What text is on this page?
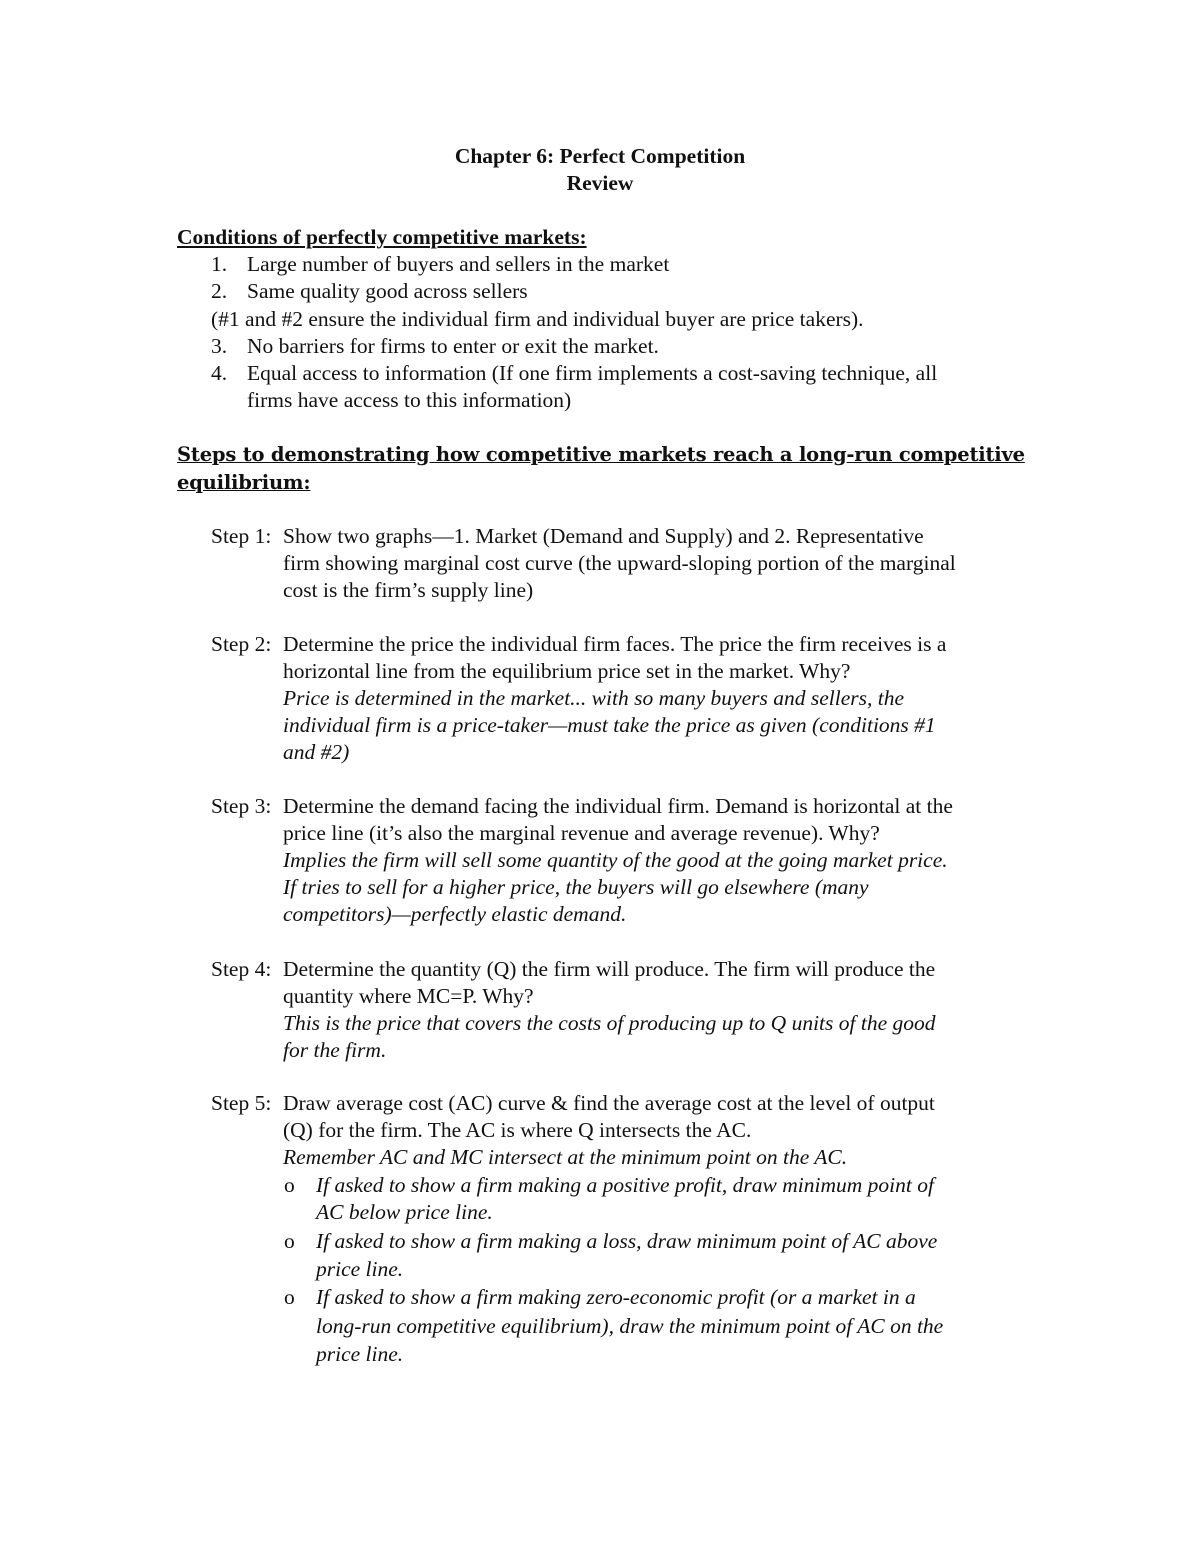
Chapter 6: Perfect Competition
Review
Conditions of perfectly competitive markets:
1. Large number of buyers and sellers in the market
2. Same quality good across sellers
(#1 and #2 ensure the individual firm and individual buyer are price takers).
3. No barriers for firms to enter or exit the market.
4. Equal access to information (If one firm implements a cost-saving technique, all
firms have access to this information)
Steps to demonstrating how competitive markets reach a long-run competitive
equilibrium:
Step 1: Show two graphs—1. Market (Demand and Supply) and 2. Representative
firm showing marginal cost curve (the upward-sloping portion of the marginal
cost is the firm’s supply line)
Step 2: Determine the price the individual firm faces. The price the firm receives is a
horizontal line from the equilibrium price set in the market. Why?
Price is determined in the market... with so many buyers and sellers, the
individual firm is a price-taker—must take the price as given (conditions #1
and #2)
Step 3: Determine the demand facing the individual firm. Demand is horizontal at the
price line (it’s also the marginal revenue and average revenue). Why?
Implies the firm will sell some quantity of the good at the going market price.
If tries to sell for a higher price, the buyers will go elsewhere (many
competitors)—perfectly elastic demand.
Step 4: Determine the quantity (Q) the firm will produce. The firm will produce the
quantity where MC=P. Why?
This is the price that covers the costs of producing up to Q units of the good
for the firm.
Step 5: Draw average cost (AC) curve & find the average cost at the level of output
(Q) for the firm. The AC is where Q intersects the AC.
Remember AC and MC intersect at the minimum point on the AC.
o If asked to show a firm making a positive profit, draw minimum point of
AC below price line.
o If asked to show a firm making a loss, draw minimum point of AC above
price line.
o If asked to show a firm making zero-economic profit (or a market in a
long-run competitive equilibrium), draw the minimum point of AC on the
price line.
